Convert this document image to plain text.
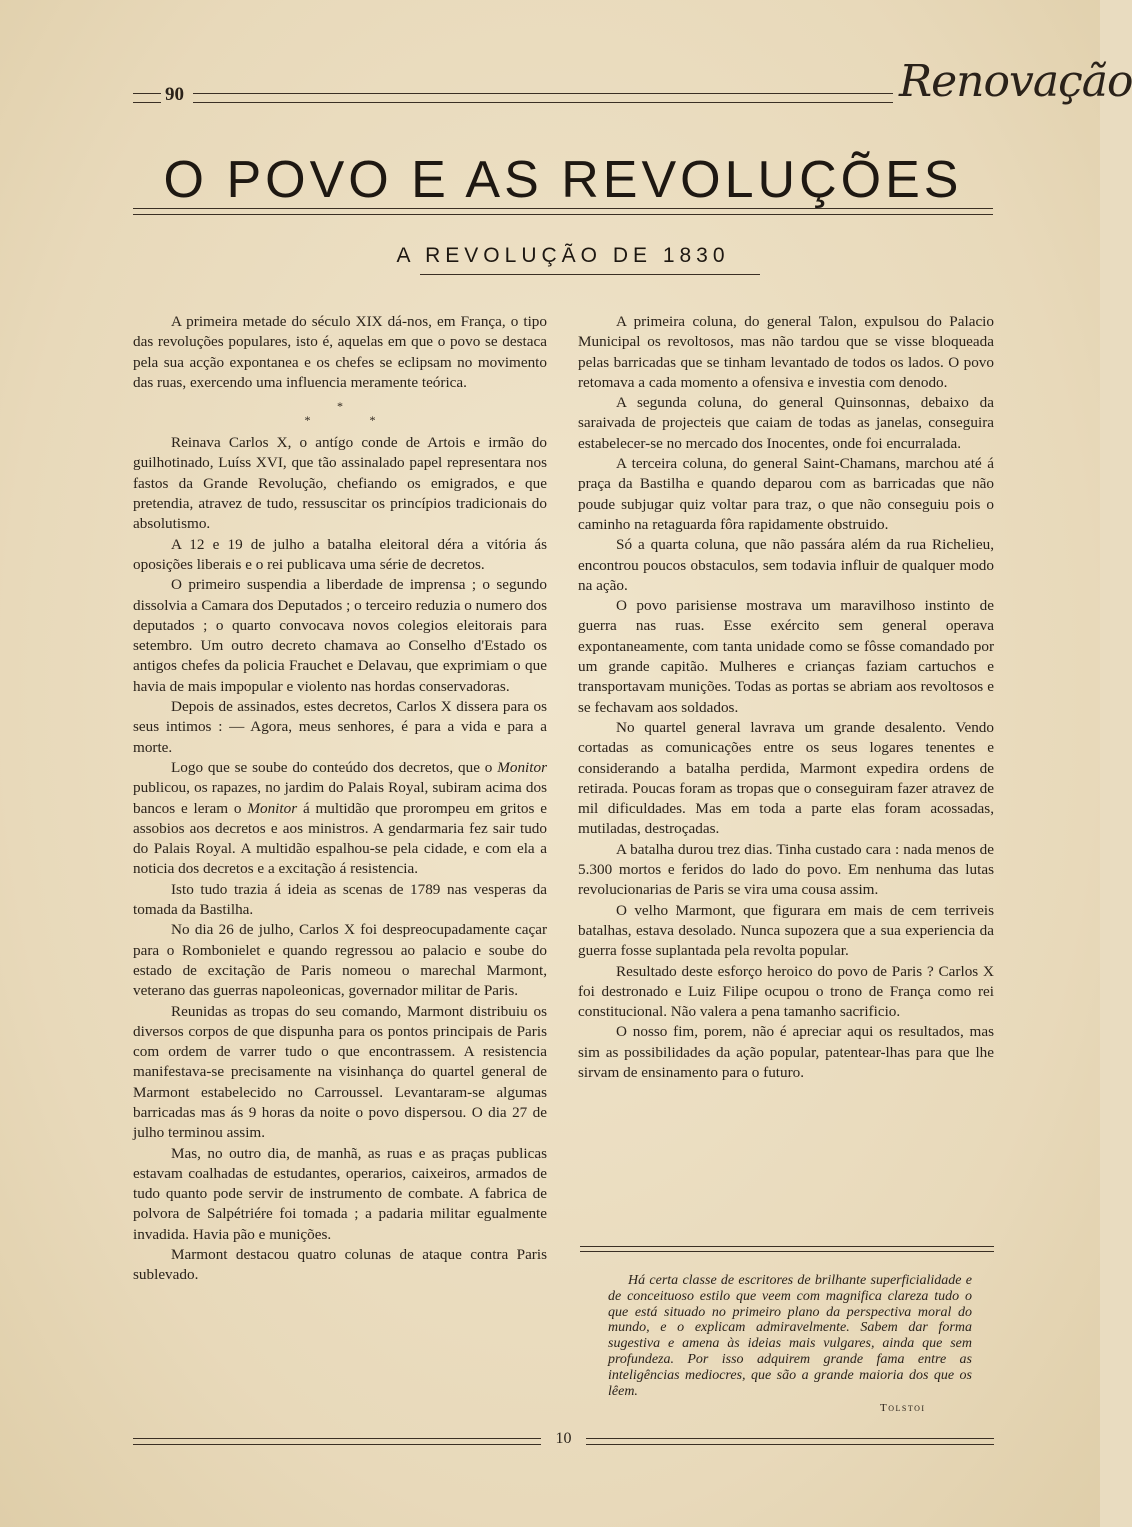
90	Renovação
O POVO E AS REVOLUÇÕES
A REVOLUÇÃO DE 1830

A primeira metade do século XIX dá-nos, em França, o tipo das revoluções populares, isto é, aquelas em que o povo se destaca pela sua acção expontanea e os chefes se eclipsam no movimento das ruas, exercendo uma influencia meramente teórica.

*
* *

Reinava Carlos X, o antígo conde de Artois e irmão do guilhotinado, Luíss XVI, que tão assinalado papel representara nos fastos da Grande Revolução, chefiando os emigrados, e que pretendia, atravez de tudo, ressuscitar os princípios tradicionais do absolutismo.

A 12 e 19 de julho a batalha eleitoral déra a vitória ás oposições liberais e o rei publicava uma série de decretos.

O primeiro suspendia a liberdade de imprensa ; o segundo dissolvia a Camara dos Deputados ; o terceiro reduzia o numero dos deputados ; o quarto convocava novos colegios eleitorais para setembro. Um outro decreto chamava ao Conselho d'Estado os antigos chefes da policia Frauchet e Delavau, que exprimiam o que havia de mais impopular e violento nas hordas conservadoras.

Depois de assinados, estes decretos, Carlos X dissera para os seus intimos : — Agora, meus senhores, é para a vida e para a morte.

Logo que se soube do conteúdo dos decretos, que o Monitor publicou, os rapazes, no jardim do Palais Royal, subiram acima dos bancos e leram o Monitor á multidão que prorompeu em gritos e assobios aos decretos e aos ministros. A gendarmaria fez sair tudo do Palais Royal. A multidão espalhou-se pela cidade, e com ela a noticia dos decretos e a excitação á resistencia.

Isto tudo trazia á ideia as scenas de 1789 nas vesperas da tomada da Bastilha.

No dia 26 de julho, Carlos X foi despreocupadamente caçar para o Rombonielet e quando regressou ao palacio e soube do estado de excitação de Paris nomeou o marechal Marmont, veterano das guerras napoleonicas, governador militar de Paris.

Reunidas as tropas do seu comando, Marmont distribuiu os diversos corpos de que dispunha para os pontos principais de Paris com ordem de varrer tudo o que encontrassem. A resistencia manifestava-se precisamente na visinhança do quartel general de Marmont estabelecido no Carroussel. Levantaram-se algumas barricadas mas ás 9 horas da noite o povo dispersou. O dia 27 de julho terminou assim.

Mas, no outro dia, de manhã, as ruas e as praças publicas estavam coalhadas de estudantes, operarios, caixeiros, armados de tudo quanto pode servir de instrumento de combate. A fabrica de polvora de Salpétriére foi tomada ; a padaria militar egualmente invadida. Havia pão e munições.

Marmont destacou quatro colunas de ataque contra Paris sublevado.

A primeira coluna, do general Talon, expulsou do Palacio Municipal os revoltosos, mas não tardou que se visse bloqueada pelas barricadas que se tinham levantado de todos os lados. O povo retomava a cada momento a ofensiva e investia com denodo.

A segunda coluna, do general Quinsonnas, debaixo da saraivada de projecteis que caiam de todas as janelas, conseguira estabelecer-se no mercado dos Inocentes, onde foi encurralada.

A terceira coluna, do general Saint-Chamans, marchou até á praça da Bastilha e quando deparou com as barricadas que não poude subjugar quiz voltar para traz, o que não conseguiu pois o caminho na retaguarda fôra rapidamente obstruido.

Só a quarta coluna, que não passára além da rua Richelieu, encontrou poucos obstaculos, sem todavia influir de qualquer modo na ação.

O povo parisiense mostrava um maravilhoso instinto de guerra nas ruas. Esse exército sem general operava expontaneamente, com tanta unidade como se fôsse comandado por um grande capitão. Mulheres e crianças faziam cartuchos e transportavam munições. Todas as portas se abriam aos revoltosos e se fechavam aos soldados.

No quartel general lavrava um grande desalento. Vendo cortadas as comunicações entre os seus logares tenentes e considerando a batalha perdida, Marmont expedira ordens de retirada. Poucas foram as tropas que o conseguiram fazer atravez de mil dificuldades. Mas em toda a parte elas foram acossadas, mutiladas, destroçadas.

A batalha durou trez dias. Tinha custado cara : nada menos de 5.300 mortos e feridos do lado do povo. Em nenhuma das lutas revolucionarias de Paris se vira uma cousa assim.

O velho Marmont, que figurara em mais de cem terriveis batalhas, estava desolado. Nunca supozera que a sua experiencia da guerra fosse suplantada pela revolta popular.

Resultado deste esforço heroico do povo de Paris ? Carlos X foi destronado e Luiz Filipe ocupou o trono de França como rei constitucional. Não valera a pena tamanho sacrificio.

O nosso fim, porem, não é apreciar aqui os resultados, mas sim as possibilidades da ação popular, patentear-lhas para que lhe sirvam de ensinamento para o futuro.

Há certa classe de escritores de brilhante superficialidade e de conceituoso estilo que veem com magnifica clareza tudo o que está situado no primeiro plano da perspectiva moral do mundo, e o explicam admiravelmente. Sabem dar forma sugestiva e amena às ideias mais vulgares, ainda que sem profundeza. Por isso adquirem grande fama entre as inteligências mediocres, que são a grande maioria dos que os lêem.

Tolstoi
10
